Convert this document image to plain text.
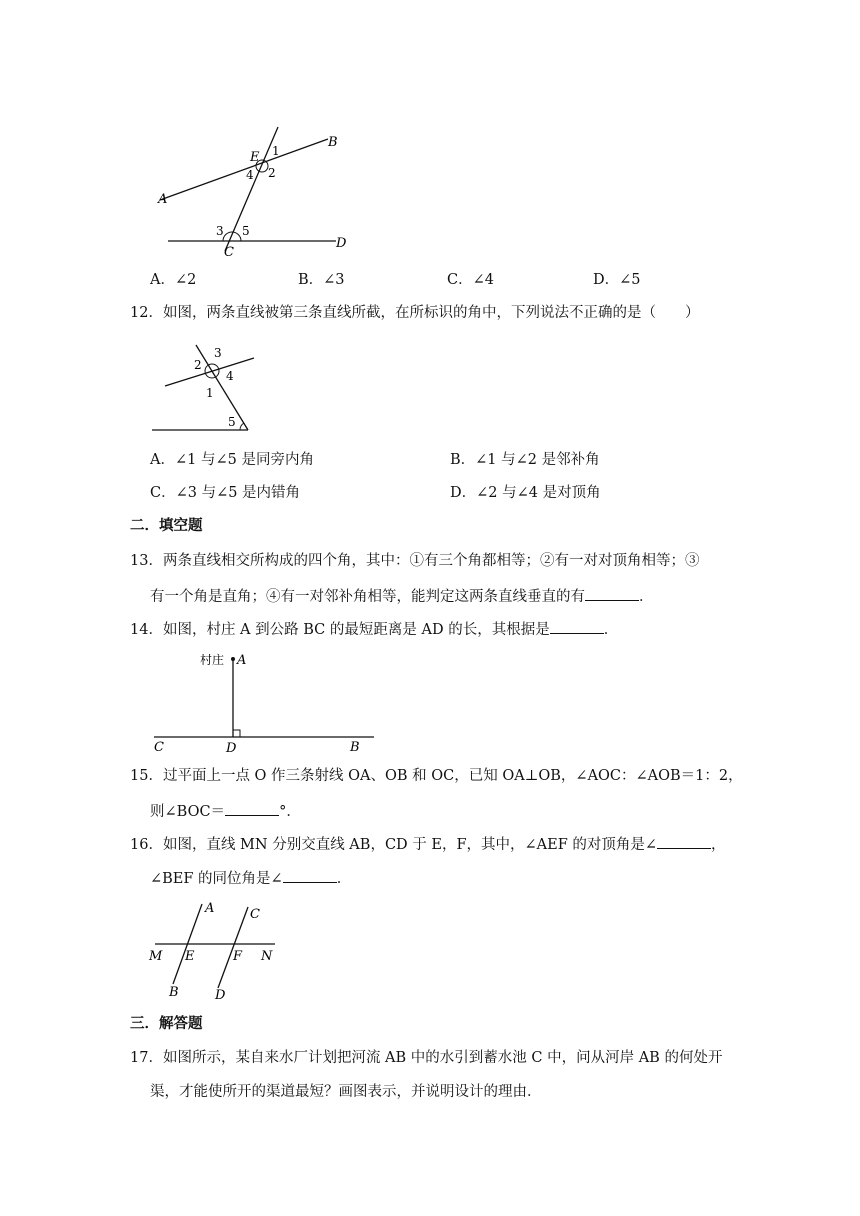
B
E 1
4 2
A
3 5
C
D
A．∠2	B．∠3	C．∠4	D．∠5
12．如图，两条直线被第三条直线所截，在所标识的角中，下列说法不正确的是（　　）
2
3
4
1
5
A．∠1 与∠5 是同旁内角	B．∠1 与∠2 是邻补角
C．∠3 与∠5 是内错角	D．∠2 与∠4 是对顶角
二．填空题
13．两条直线相交所构成的四个角，其中：①有三个角都相等；②有一对对顶角相等；③
有一个角是直角；④有一对邻补角相等，能判定这两条直线垂直的有	．
14．如图，村庄 A 到公路 BC 的最短距离是 AD 的长，其根据是	．
村庄 A
C	D	B
15．过平面上一点 O 作三条射线 OA、OB 和 OC，已知 OA⊥OB，∠AOC：∠AOB＝1：2，
则∠BOC＝	°．
16．如图，直线 MN 分别交直线 AB，CD 于 E，F，其中，∠AEF 的对顶角是∠	，
∠BEF 的同位角是∠	．
A	C
M E	F N
B	D
三．解答题
17．如图所示，某自来水厂计划把河流 AB 中的水引到蓄水池 C 中，问从河岸 AB 的何处开
渠，才能使所开的渠道最短？画图表示，并说明设计的理由．
